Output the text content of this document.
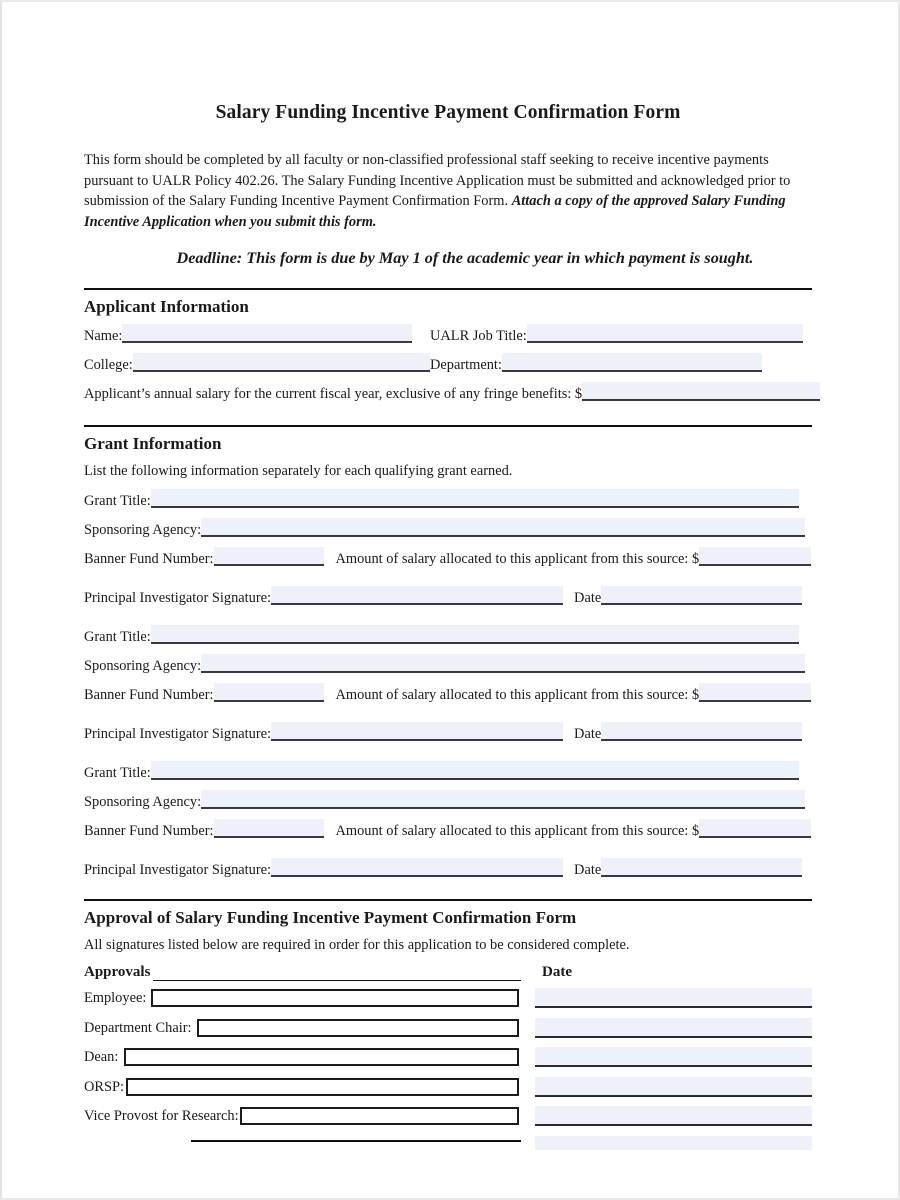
Salary Funding Incentive Payment Confirmation Form
This form should be completed by all faculty or non-classified professional staff seeking to receive incentive payments pursuant to UALR Policy 402.26. The Salary Funding Incentive Application must be submitted and acknowledged prior to submission of the Salary Funding Incentive Payment Confirmation Form. Attach a copy of the approved Salary Funding Incentive Application when you submit this form.
Deadline: This form is due by May 1 of the academic year in which payment is sought.
Applicant Information
Name:	UALR Job Title:
College:	Department:
Applicant’s annual salary for the current fiscal year, exclusive of any fringe benefits: $
Grant Information
List the following information separately for each qualifying grant earned.
Grant Title:
Sponsoring Agency:
Banner Fund Number:	Amount of salary allocated to this applicant from this source: $
Principal Investigator Signature:	Date
Grant Title:
Sponsoring Agency:
Banner Fund Number:	Amount of salary allocated to this applicant from this source: $
Principal Investigator Signature:	Date
Grant Title:
Sponsoring Agency:
Banner Fund Number:	Amount of salary allocated to this applicant from this source: $
Principal Investigator Signature:	Date
Approval of Salary Funding Incentive Payment Confirmation Form
All signatures listed below are required in order for this application to be considered complete.
Approvals	Date
Employee:
Department Chair:
Dean:
ORSP:
Vice Provost for Research:
